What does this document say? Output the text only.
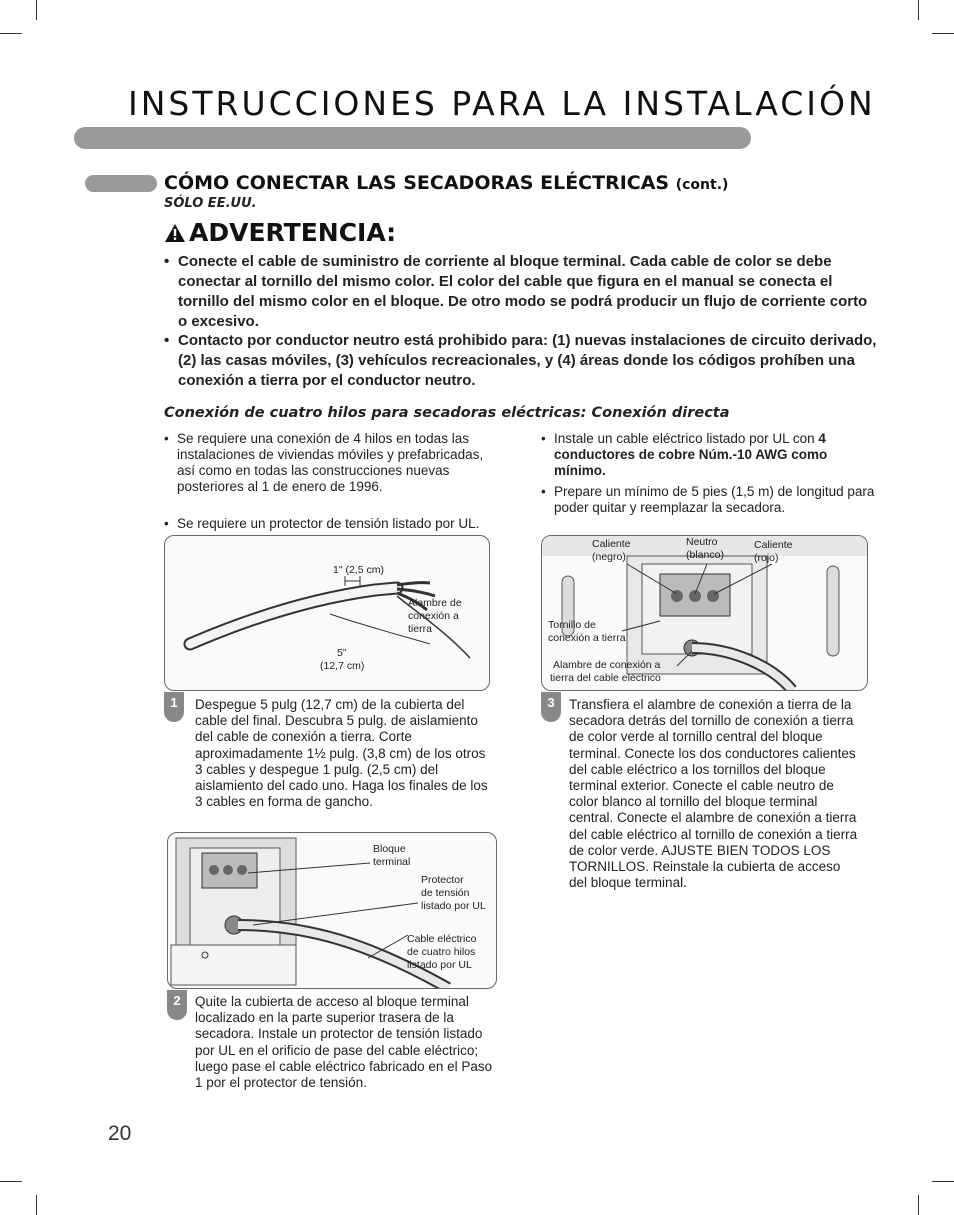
INSTRUCCIONES PARA LA INSTALACIÓN
CÓMO CONECTAR LAS SECADORAS ELÉCTRICAS (cont.)
SÓLO EE.UU.
ADVERTENCIA:
• Conecte el cable de suministro de corriente al bloque terminal. Cada cable de color se debe conectar al tornillo del mismo color. El color del cable que figura en el manual se conecta el tornillo del mismo color en el bloque. De otro modo se podrá producir un flujo de corriente corto o excesivo.
• Contacto por conductor neutro está prohibido para: (1) nuevas instalaciones de circuito derivado, (2) las casas móviles, (3) vehículos recreacionales, y (4) áreas donde los códigos prohíben una conexión a tierra por el conductor neutro.
Conexión de cuatro hilos para secadoras eléctricas: Conexión directa
• Se requiere una conexión de 4 hilos en todas las instalaciones de viviendas móviles y prefabricadas, así como en todas las construcciones nuevas posteriores al 1 de enero de 1996.
• Se requiere un protector de tensión listado por UL.
• Instale un cable eléctrico listado por UL con 4 conductores de cobre Núm.-10 AWG como mínimo.
• Prepare un mínimo de 5 pies (1,5 m) de longitud para poder quitar y reemplazar la secadora.
1" (2,5 cm)
5"
(12,7 cm)
Alambre de
conexión a
tierra
1	Despegue 5 pulg (12,7 cm) de la cubierta del cable del final. Descubra 5 pulg. de aislamiento del cable de conexión a tierra. Corte aproximadamente 1½ pulg. (3,8 cm) de los otros 3 cables y despegue 1 pulg. (2,5 cm) del aislamiento del cado uno. Haga los finales de los 3 cables en forma de gancho.
Bloque
terminal
Protector
de tensión
listado por UL
Cable eléctrico
de cuatro hilos
listado por UL
2	Quite la cubierta de acceso al bloque terminal localizado en la parte superior trasera de la secadora. Instale un protector de tensión listado por UL en el orificio de pase del cable eléctrico; luego pase el cable eléctrico fabricado en el Paso 1 por el protector de tensión.
Caliente
(negro)
Neutro
(blanco)
Caliente
(rojo)
Tornillo de
conexión a tierra
Alambre de conexión a
tierra del cable eléctrico
3	Transfiera el alambre de conexión a tierra de la secadora detrás del tornillo de conexión a tierra de color verde al tornillo central del bloque terminal. Conecte los dos conductores calientes del cable eléctrico a los tornillos del bloque terminal exterior. Conecte el cable neutro de color blanco al tornillo del bloque terminal central. Conecte el alambre de conexión a tierra del cable eléctrico al tornillo de conexión a tierra de color verde. AJUSTE BIEN TODOS LOS TORNILLOS. Reinstale la cubierta de acceso del bloque terminal.
20
